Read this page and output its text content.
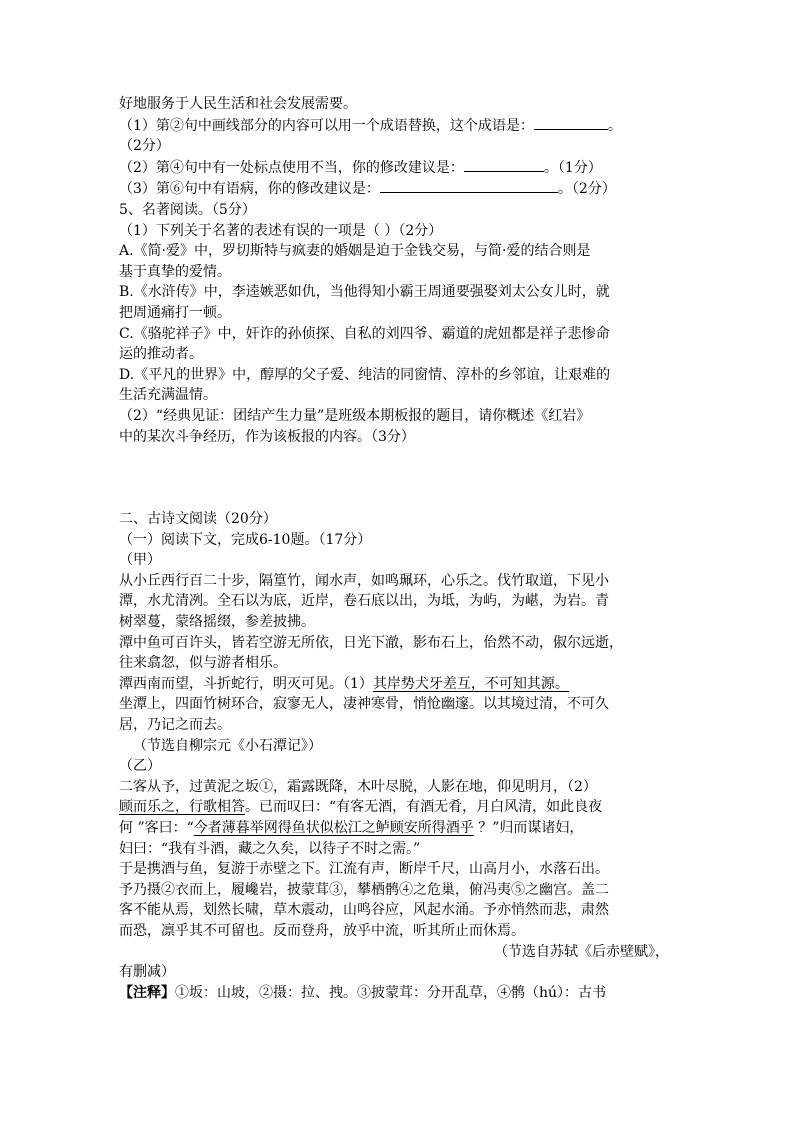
好地服务于人民生活和社会发展需要。
（1）第②句中画线部分的内容可以用一个成语替换，这个成语是：	。
（2分）
（2）第④句中有一处标点使用不当，你的修改建议是：	。（1分）
（3）第⑥句中有语病，你的修改建议是：	。（2分）
5、名著阅读。（5分）
（1）下列关于名著的表述有误的一项是（ ）（2分）
A.《简·爱》中，罗切斯特与疯妻的婚姻是迫于金钱交易，与简·爱的结合则是
基于真挚的爱情。
B.《水浒传》中，李逵嫉恶如仇，当他得知小霸王周通要强娶刘太公女儿时，就
把周通痛打一顿。
C.《骆驼祥子》中，奸诈的孙侦探、自私的刘四爷、霸道的虎妞都是祥子悲惨命
运的推动者。
D.《平凡的世界》中，醇厚的父子爱、纯洁的同窗情、淳朴的乡邻谊，让艰难的
生活充满温情。
（2）“经典见证：团结产生力量”是班级本期板报的题目，请你概述《红岩》
中的某次斗争经历，作为该板报的内容。（3分）
二、古诗文阅读（20分）
（一）阅读下文，完成6-10题。（17分）
（甲）
从小丘西行百二十步，隔篁竹，闻水声，如鸣珮环，心乐之。伐竹取道，下见小
潭，水尤清冽。全石以为底，近岸，卷石底以出，为坻，为屿，为嵁，为岩。青
树翠蔓，蒙络摇缀，参差披拂。
潭中鱼可百许头，皆若空游无所依，日光下澈，影布石上，佁然不动，俶尔远逝，
往来翕忽，似与游者相乐。
潭西南而望，斗折蛇行，明灭可见。（1）其岸势犬牙差互，不可知其源。
坐潭上，四面竹树环合，寂寥无人，凄神寒骨，悄怆幽邃。以其境过清，不可久
居，乃记之而去。
（节选自柳宗元《小石潭记》）
（乙）
二客从予，过黄泥之坂①，霜露既降，木叶尽脱，人影在地，仰见明月，（2）
顾而乐之，行歌相答。已而叹曰：“有客无酒，有酒无肴，月白风清，如此良夜
何 ”客曰：“今者薄暮举网得鱼状似松江之鲈顾安所得酒乎 ？”归而谋诸妇，
妇曰：“我有斗酒，藏之久矣，以待子不时之需。”
于是携酒与鱼，复游于赤壁之下。江流有声，断岸千尺，山高月小，水落石出。
予乃摄②衣而上，履巉岩，披蒙茸③，攀栖鹘④之危巢，俯冯夷⑤之幽宫。盖二
客不能从焉，划然长啸，草木震动，山鸣谷应，风起水涌。予亦悄然而悲，肃然
而恐，凛乎其不可留也。反而登舟，放乎中流，听其所止而休焉。
（节选自苏轼《后赤壁赋》，
有删减）
【注释】①坂：山坡，②摄：拉、拽。③披蒙茸：分开乱草，④鹘（hú）：古书
